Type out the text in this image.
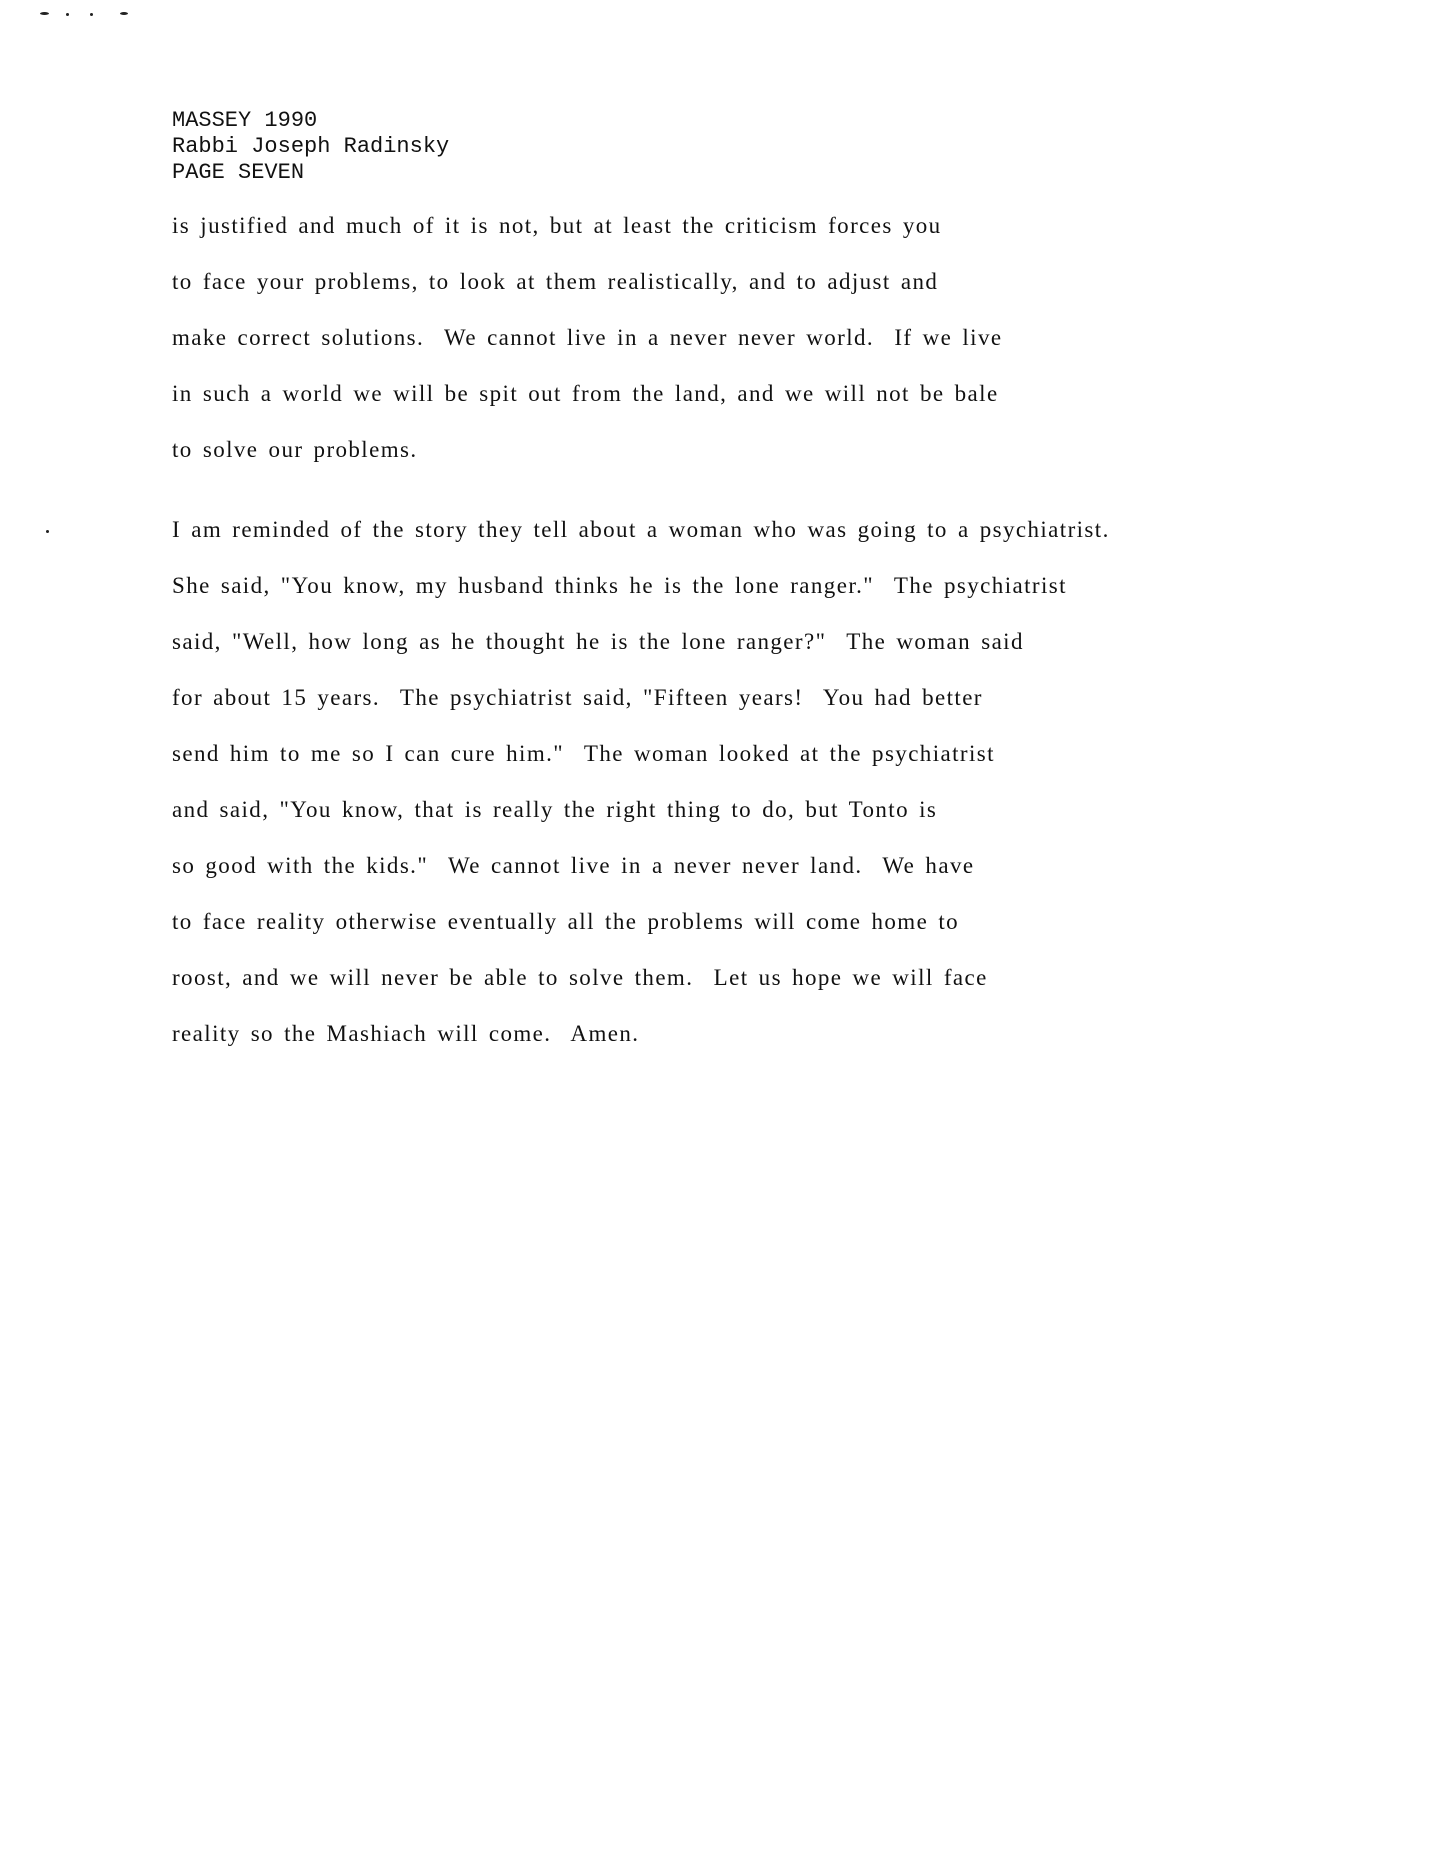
MASSEY 1990
Rabbi Joseph Radinsky
PAGE SEVEN
is justified and much of it is not, but at least the criticism forces you
to face your problems, to look at them realistically, and to adjust and
make correct solutions.  We cannot live in a never never world.  If we live
in such a world we will be spit out from the land, and we will not be bale
to solve our problems.
I am reminded of the story they tell about a woman who was going to a psychiatrist.
She said, "You know, my husband thinks he is the lone ranger."  The psychiatrist
said, "Well, how long as he thought he is the lone ranger?"  The woman said
for about 15 years.  The psychiatrist said, "Fifteen years!  You had better
send him to me so I can cure him."  The woman looked at the psychiatrist
and said, "You know, that is really the right thing to do, but Tonto is
so good with the kids."  We cannot live in a never never land.  We have
to face reality otherwise eventually all the problems will come home to
roost, and we will never be able to solve them.  Let us hope we will face
reality so the Mashiach will come.  Amen.
